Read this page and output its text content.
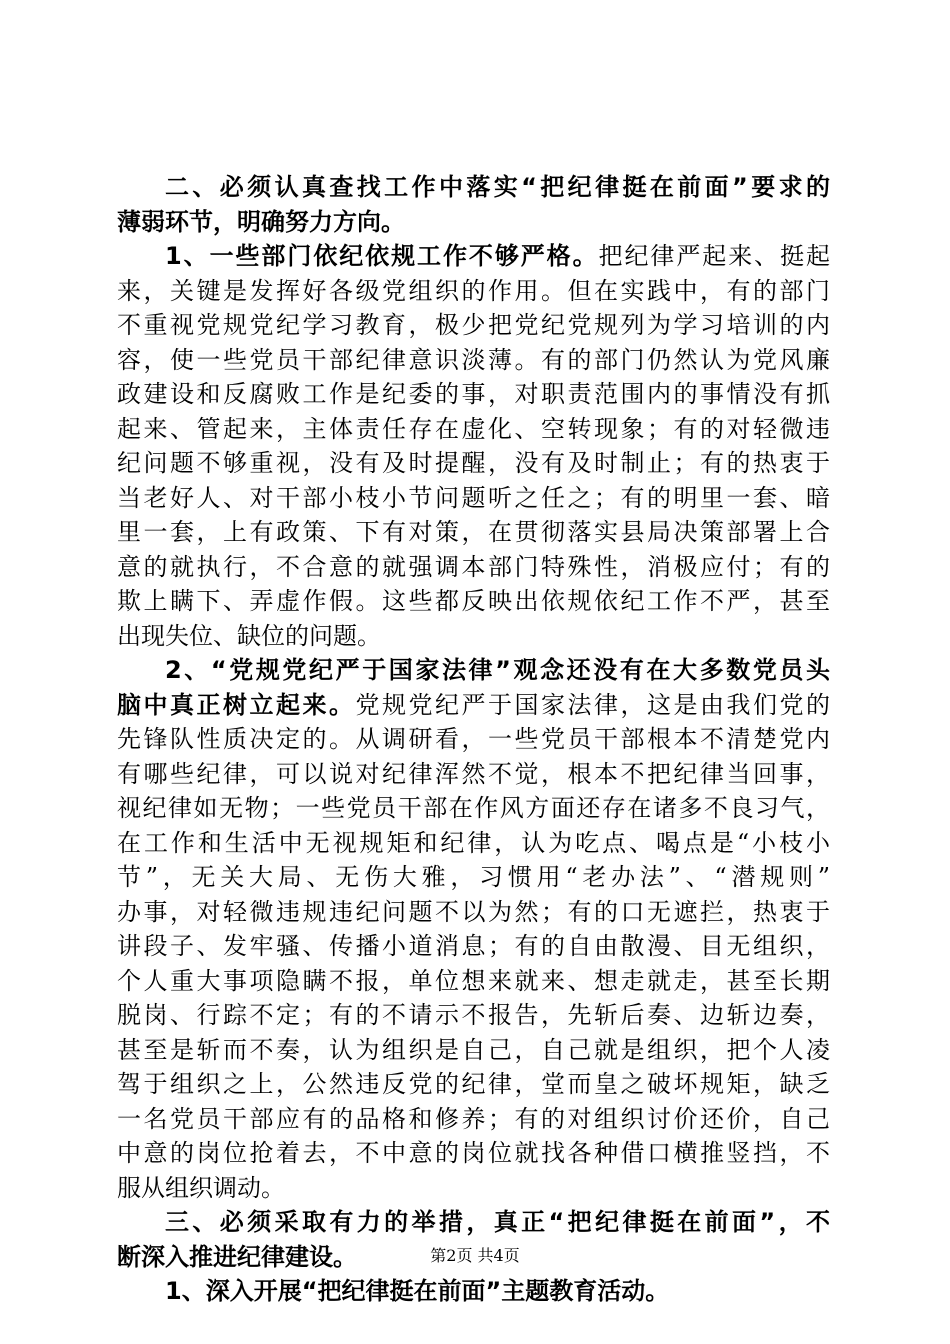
二、必须认真查找工作中落实“把纪律挺在前面”要求的
薄弱环节，明确努力方向。
1、一些部门依纪依规工作不够严格。把纪律严起来、挺起
来，关键是发挥好各级党组织的作用。但在实践中，有的部门
不重视党规党纪学习教育，极少把党纪党规列为学习培训的内
容，使一些党员干部纪律意识淡薄。有的部门仍然认为党风廉
政建设和反腐败工作是纪委的事，对职责范围内的事情没有抓
起来、管起来，主体责任存在虚化、空转现象；有的对轻微违
纪问题不够重视，没有及时提醒，没有及时制止；有的热衷于
当老好人、对干部小枝小节问题听之任之；有的明里一套、暗
里一套，上有政策、下有对策，在贯彻落实县局决策部署上合
意的就执行，不合意的就强调本部门特殊性，消极应付；有的
欺上瞒下、弄虚作假。这些都反映出依规依纪工作不严，甚至
出现失位、缺位的问题。
2、“党规党纪严于国家法律”观念还没有在大多数党员头
脑中真正树立起来。党规党纪严于国家法律，这是由我们党的
先锋队性质决定的。从调研看，一些党员干部根本不清楚党内
有哪些纪律，可以说对纪律浑然不觉，根本不把纪律当回事，
视纪律如无物；一些党员干部在作风方面还存在诸多不良习气，
在工作和生活中无视规矩和纪律，认为吃点、喝点是“小枝小
节”，无关大局、无伤大雅，习惯用“老办法”、“潜规则”
办事，对轻微违规违纪问题不以为然；有的口无遮拦，热衷于
讲段子、发牢骚、传播小道消息；有的自由散漫、目无组织，
个人重大事项隐瞒不报，单位想来就来、想走就走，甚至长期
脱岗、行踪不定；有的不请示不报告，先斩后奏、边斩边奏，
甚至是斩而不奏，认为组织是自己，自己就是组织，把个人凌
驾于组织之上，公然违反党的纪律，堂而皇之破坏规矩，缺乏
一名党员干部应有的品格和修养；有的对组织讨价还价，自己
中意的岗位抢着去，不中意的岗位就找各种借口横推竖挡，不
服从组织调动。
三、必须采取有力的举措，真正“把纪律挺在前面”，不
断深入推进纪律建设。
1、深入开展“把纪律挺在前面”主题教育活动。
第2页 共4页
